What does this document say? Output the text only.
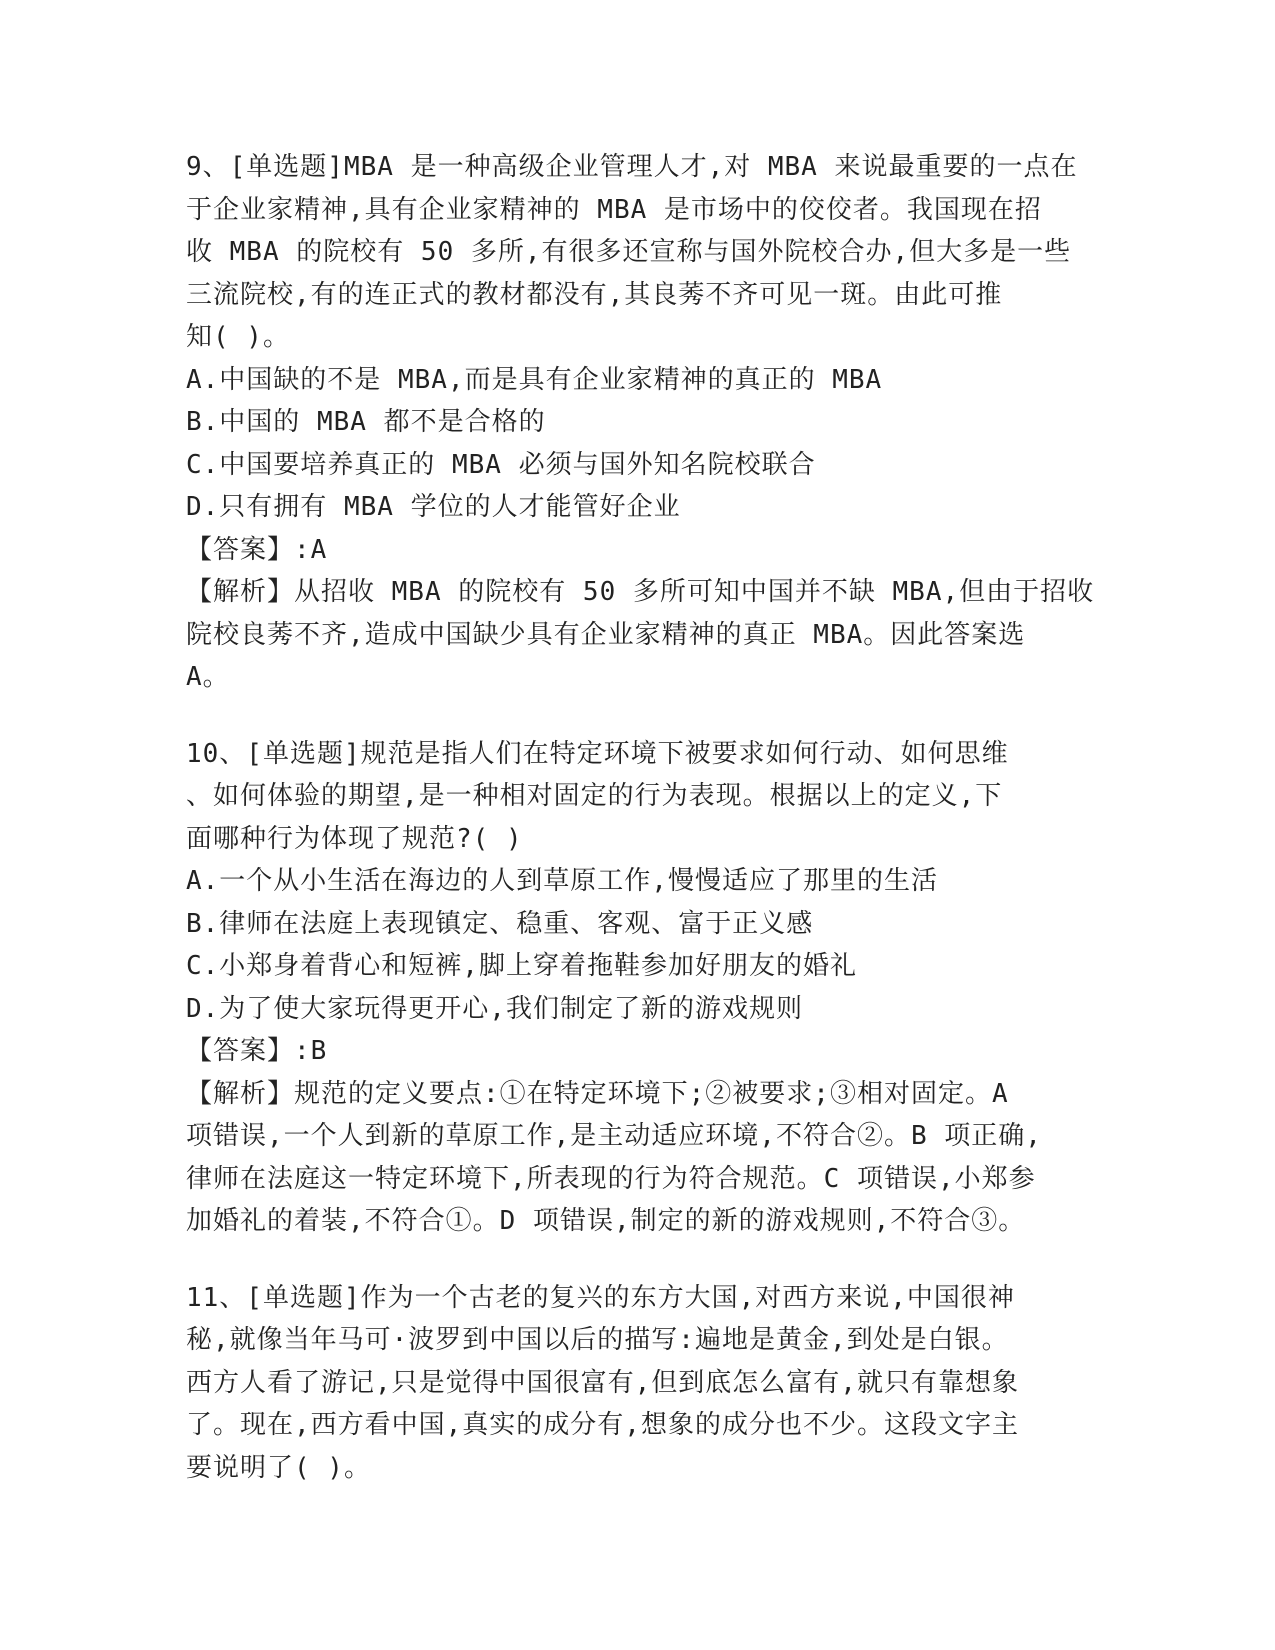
9、[单选题]MBA 是一种高级企业管理人才,对 MBA 来说最重要的一点在
于企业家精神,具有企业家精神的 MBA 是市场中的佼佼者。我国现在招
收 MBA 的院校有 50 多所,有很多还宣称与国外院校合办,但大多是一些
三流院校,有的连正式的教材都没有,其良莠不齐可见一斑。由此可推
知( )。
A.中国缺的不是 MBA,而是具有企业家精神的真正的 MBA
B.中国的 MBA 都不是合格的
C.中国要培养真正的 MBA 必须与国外知名院校联合
D.只有拥有 MBA 学位的人才能管好企业
【答案】:A
【解析】从招收 MBA 的院校有 50 多所可知中国并不缺 MBA,但由于招收
院校良莠不齐,造成中国缺少具有企业家精神的真正 MBA。因此答案选
A。
10、[单选题]规范是指人们在特定环境下被要求如何行动、如何思维
、如何体验的期望,是一种相对固定的行为表现。根据以上的定义,下
面哪种行为体现了规范?( )
A.一个从小生活在海边的人到草原工作,慢慢适应了那里的生活
B.律师在法庭上表现镇定、稳重、客观、富于正义感
C.小郑身着背心和短裤,脚上穿着拖鞋参加好朋友的婚礼
D.为了使大家玩得更开心,我们制定了新的游戏规则
【答案】:B
【解析】规范的定义要点:①在特定环境下;②被要求;③相对固定。A
项错误,一个人到新的草原工作,是主动适应环境,不符合②。B 项正确,
律师在法庭这一特定环境下,所表现的行为符合规范。C 项错误,小郑参
加婚礼的着装,不符合①。D 项错误,制定的新的游戏规则,不符合③。
11、[单选题]作为一个古老的复兴的东方大国,对西方来说,中国很神
秘,就像当年马可·波罗到中国以后的描写:遍地是黄金,到处是白银。
西方人看了游记,只是觉得中国很富有,但到底怎么富有,就只有靠想象
了。现在,西方看中国,真实的成分有,想象的成分也不少。这段文字主
要说明了( )。
